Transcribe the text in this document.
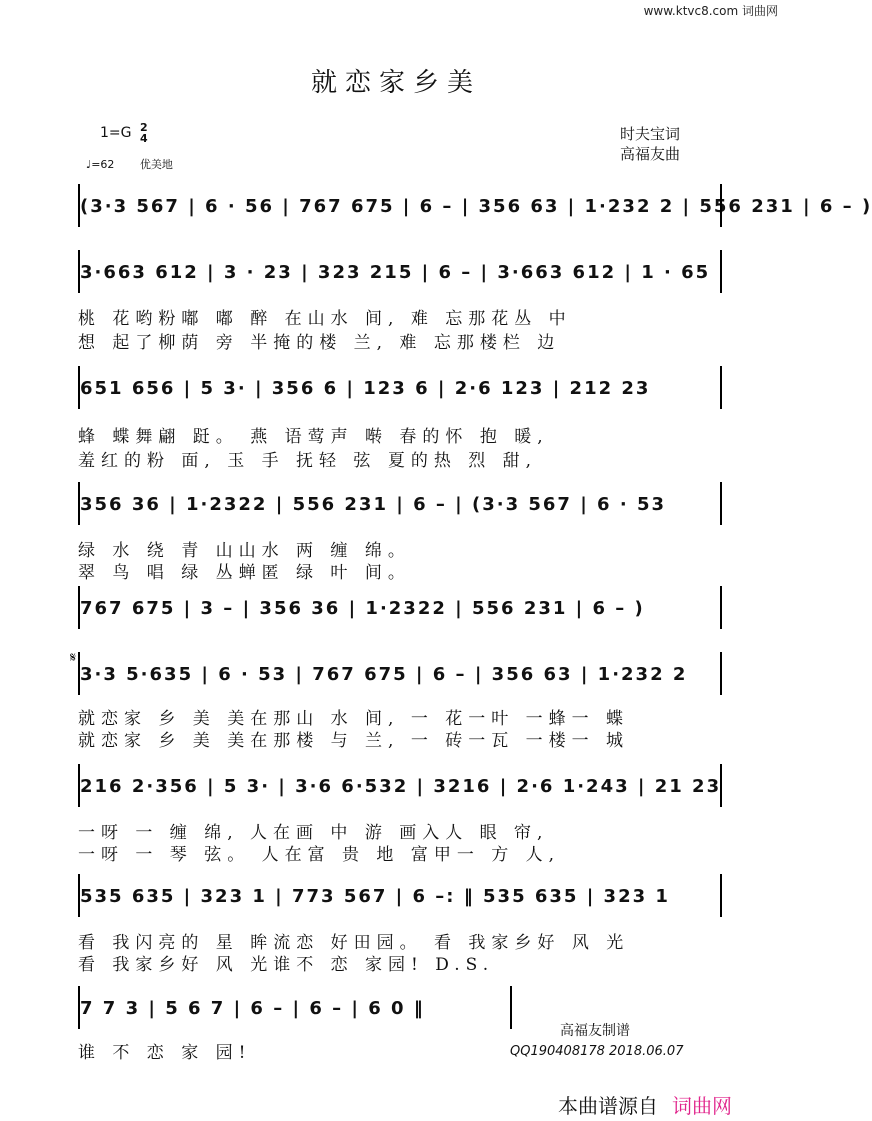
www.ktvc8.com 词曲网
就恋家乡美
1=G 2
4
♩=62 优美地
时夫宝词
高福友曲
(3·3 567 | 6 · 56 | 767 675 | 6 – | 356 63 | 1·232 2 | 556 231 | 6 – )
3·663 612 | 3 · 23 | 323 215 | 6 – | 3·663 612 | 1 · 65
桃 花哟粉嘟 嘟 醉 在山水 间, 难 忘那花丛 中
想 起了柳荫 旁 半掩的楼 兰, 难 忘那楼栏 边
651 656 | 5 3· | 356 6 | 123 6 | 2·6 123 | 212 23
蜂 蝶舞翩 跹。 燕 语莺声 啭 春的怀 抱 暖,
羞红的粉 面, 玉 手 抚轻 弦 夏的热 烈 甜,
356 36 | 1·2322 | 556 231 | 6 – | (3·3 567 | 6 · 53
绿 水 绕 青 山山水 两 缠 绵。
翠 鸟 唱 绿 丛蝉匿 绿 叶 间。
767 675 | 3 – | 356 36 | 1·2322 | 556 231 | 6 – )
𝄋
3·3 5·635 | 6 · 53 | 767 675 | 6 – | 356 63 | 1·232 2
就恋家 乡 美 美在那山 水 间, 一 花一叶 一蜂一 蝶
就恋家 乡 美 美在那楼 与 兰, 一 砖一瓦 一楼一 城
216 2·356 | 5 3· | 3·6 6·532 | 3216 | 2·6 1·243 | 21 23
一呀 一 缠 绵, 人在画 中 游 画入人 眼 帘,
一呀 一 琴 弦。 人在富 贵 地 富甲一 方 人,
535 635 | 323 1 | 773 567 | 6 –: ‖ 535 635 | 323 1
看 我闪亮的 星 眸流恋 好田园。 看 我家乡好 风 光
看 我家乡好 风 光谁不 恋 家园! D.S.
7 7 3 | 5 6 7 | 6 – | 6 – | 6 0 ‖
谁 不 恋 家 园!
高福友制谱
QQ190408178 2018.06.07
本曲谱源自 词曲网
